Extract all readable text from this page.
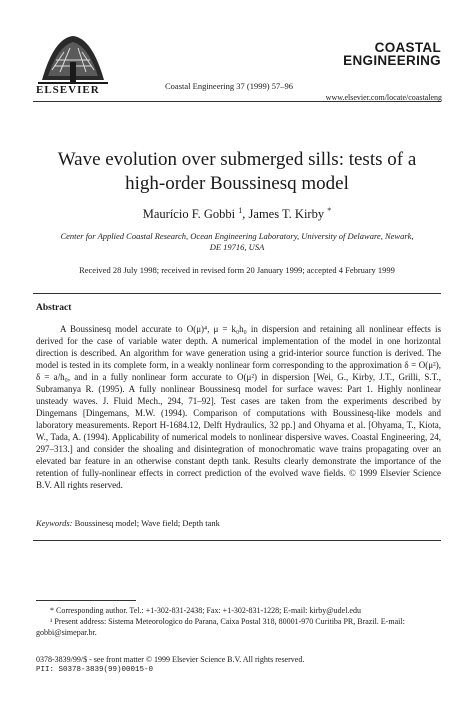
ELSEVIER	Coastal Engineering 37 (1999) 57–96
COASTAL
ENGINEERING
www.elsevier.com/locate/coastaleng
Wave evolution over submerged sills: tests of a
high-order Boussinesq model
Maurício F. Gobbi $^1$, James T. Kirby *
Center for Applied Coastal Research, Ocean Engineering Laboratory, University of Delaware, Newark,
DE 19716, USA
Received 28 July 1998; received in revised form 20 January 1999; accepted 4 February 1999
Abstract

A Boussinesq model accurate to O(μ)⁴, μ = k₀h₀ in dispersion and retaining all nonlinear effects is derived for the case of variable water depth. A numerical implementation of the model in one horizontal direction is described. An algorithm for wave generation using a grid-interior source function is derived. The model is tested in its complete form, in a weakly nonlinear form corresponding to the approximation δ = O(μ²), δ = a/h₀, and in a fully nonlinear form accurate to O(μ²) in dispersion [Wei, G., Kirby, J.T., Grilli, S.T., Subramanya R. (1995). A fully nonlinear Boussinesq model for surface waves: Part 1. Highly nonlinear unsteady waves. J. Fluid Mech., 294, 71–92]. Test cases are taken from the experiments described by Dingemans [Dingemans, M.W. (1994). Comparison of computations with Boussinesq-like models and laboratory measurements. Report H-1684.12, Delft Hydraulics, 32 pp.] and Ohyama et al. [Ohyama, T., Kiota, W., Tada, A. (1994). Applicability of numerical models to nonlinear dispersive waves. Coastal Engineering, 24, 297–313.] and consider the shoaling and disintegration of monochromatic wave trains propagating over an elevated bar feature in an otherwise constant depth tank. Results clearly demonstrate the importance of the retention of fully-nonlinear effects in correct prediction of the evolved wave fields. © 1999 Elsevier Science B.V. All rights reserved.

Keywords: Boussinesq model; Wave field; Depth tank

* Corresponding author. Tel.: +1-302-831-2438; Fax: +1-302-831-1228; E-mail: kirby@udel.edu

¹ Present address: Sistema Meteorologico do Parana, Caixa Postal 318, 80001-970 Curitiba PR, Brazil. E-mail: gobbi@simepar.br.

0378-3839/99/$ - see front matter © 1999 Elsevier Science B.V. All rights reserved.
PII: S0378-3839(99)00015-0
